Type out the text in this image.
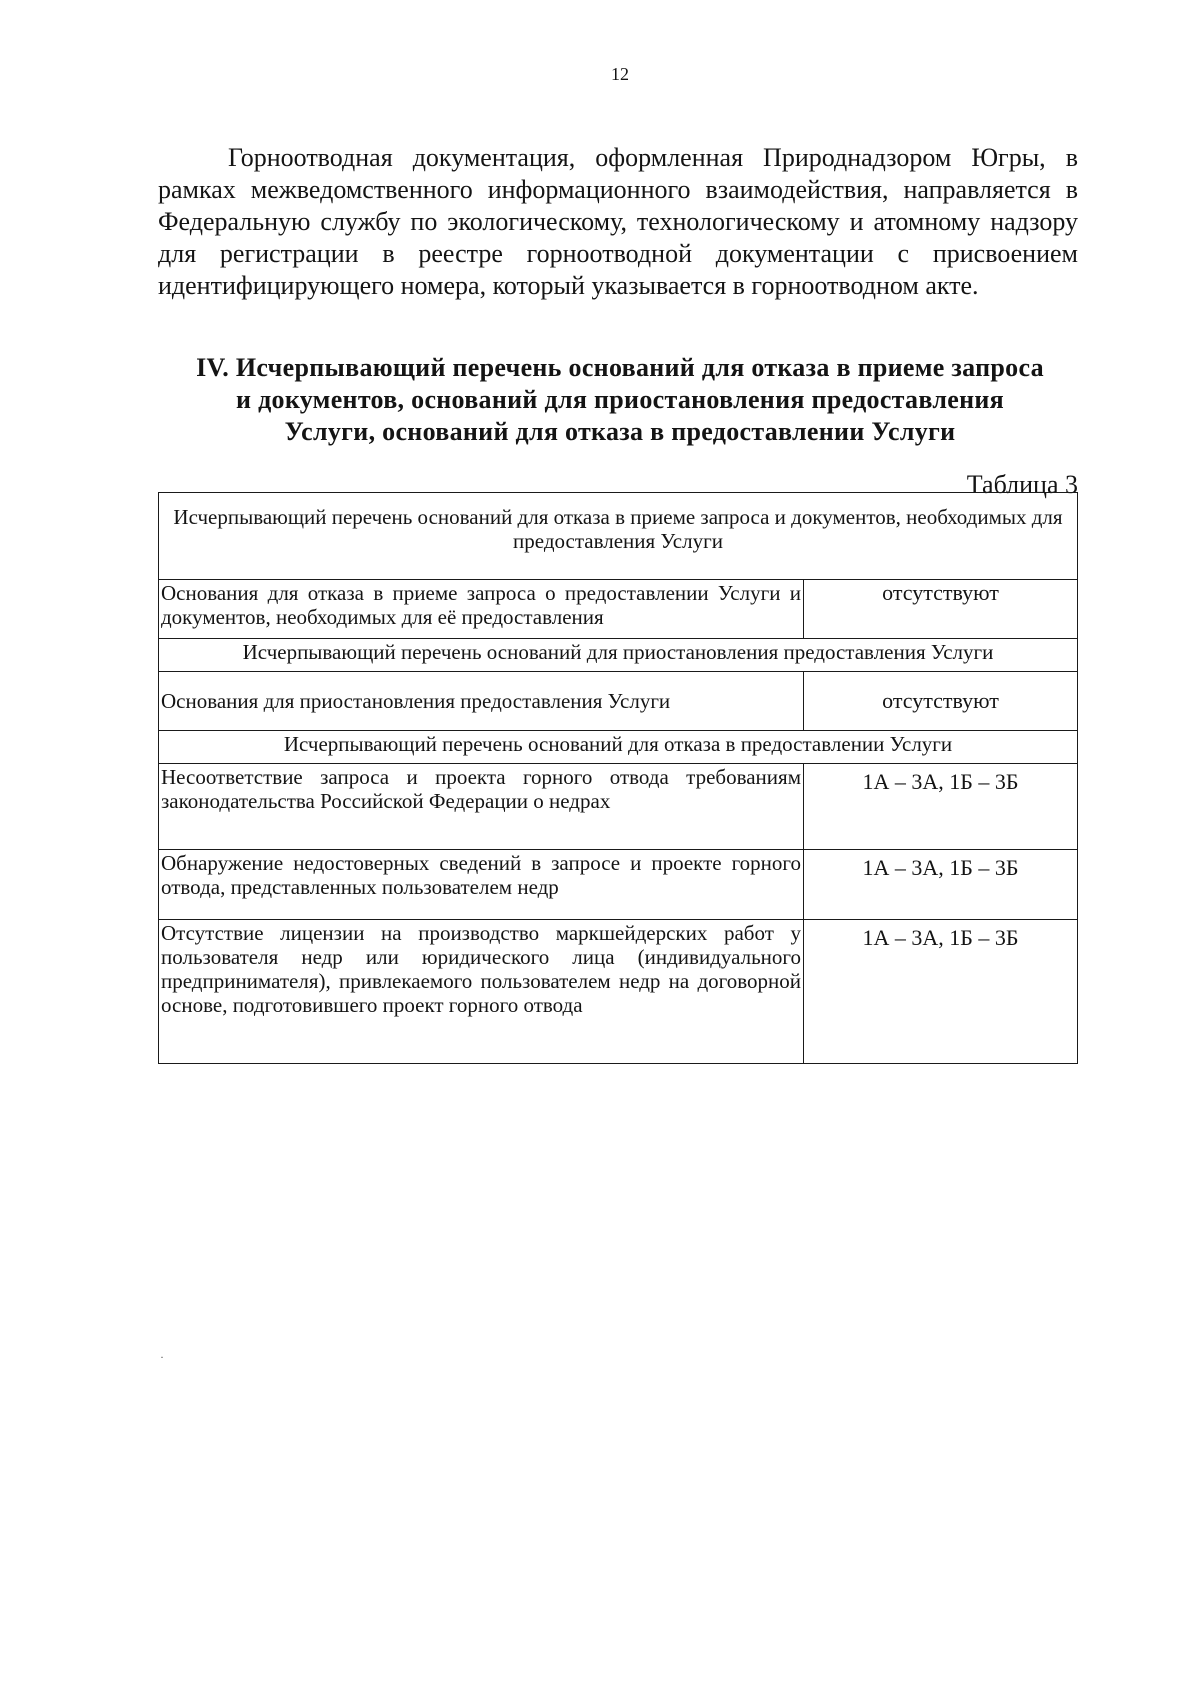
12

Горноотводная документация, оформленная Природнадзором Югры, в рамках межведомственного информационного взаимодействия, направляется в Федеральную службу по экологическому, технологическому и атомному надзору для регистрации в реестре горноотводной документации с присвоением идентифицирующего номера, который указывается в горноотводном акте.

IV. Исчерпывающий перечень оснований для отказа в приеме запроса
и документов, оснований для приостановления предоставления
Услуги, оснований для отказа в предоставлении Услуги
Таблица 3
Исчерпывающий перечень оснований для отказа в приеме запроса и документов, необходимых для предоставления Услуги	
Основания для отказа в приеме запроса о предоставлении Услуги и документов, необходимых для её предоставления	отсутствуют
Исчерпывающий перечень оснований для приостановления предоставления Услуги	
Основания для приостановления предоставления Услуги	отсутствуют
Исчерпывающий перечень оснований для отказа в предоставлении Услуги	
Несоответствие запроса и проекта горного отвода требованиям законодательства Российской Федерации о недрах	1А – 3А, 1Б – 3Б
Обнаружение недостоверных сведений в запросе и проекте горного отвода, представленных пользователем недр	1А – 3А, 1Б – 3Б
Отсутствие лицензии на производство маркшейдерских работ у пользователя недр или юридического лица (индивидуального предпринимателя), привлекаемого пользователем недр на договорной основе, подготовившего проект горного отвода	1А – 3А, 1Б – 3Б
·
